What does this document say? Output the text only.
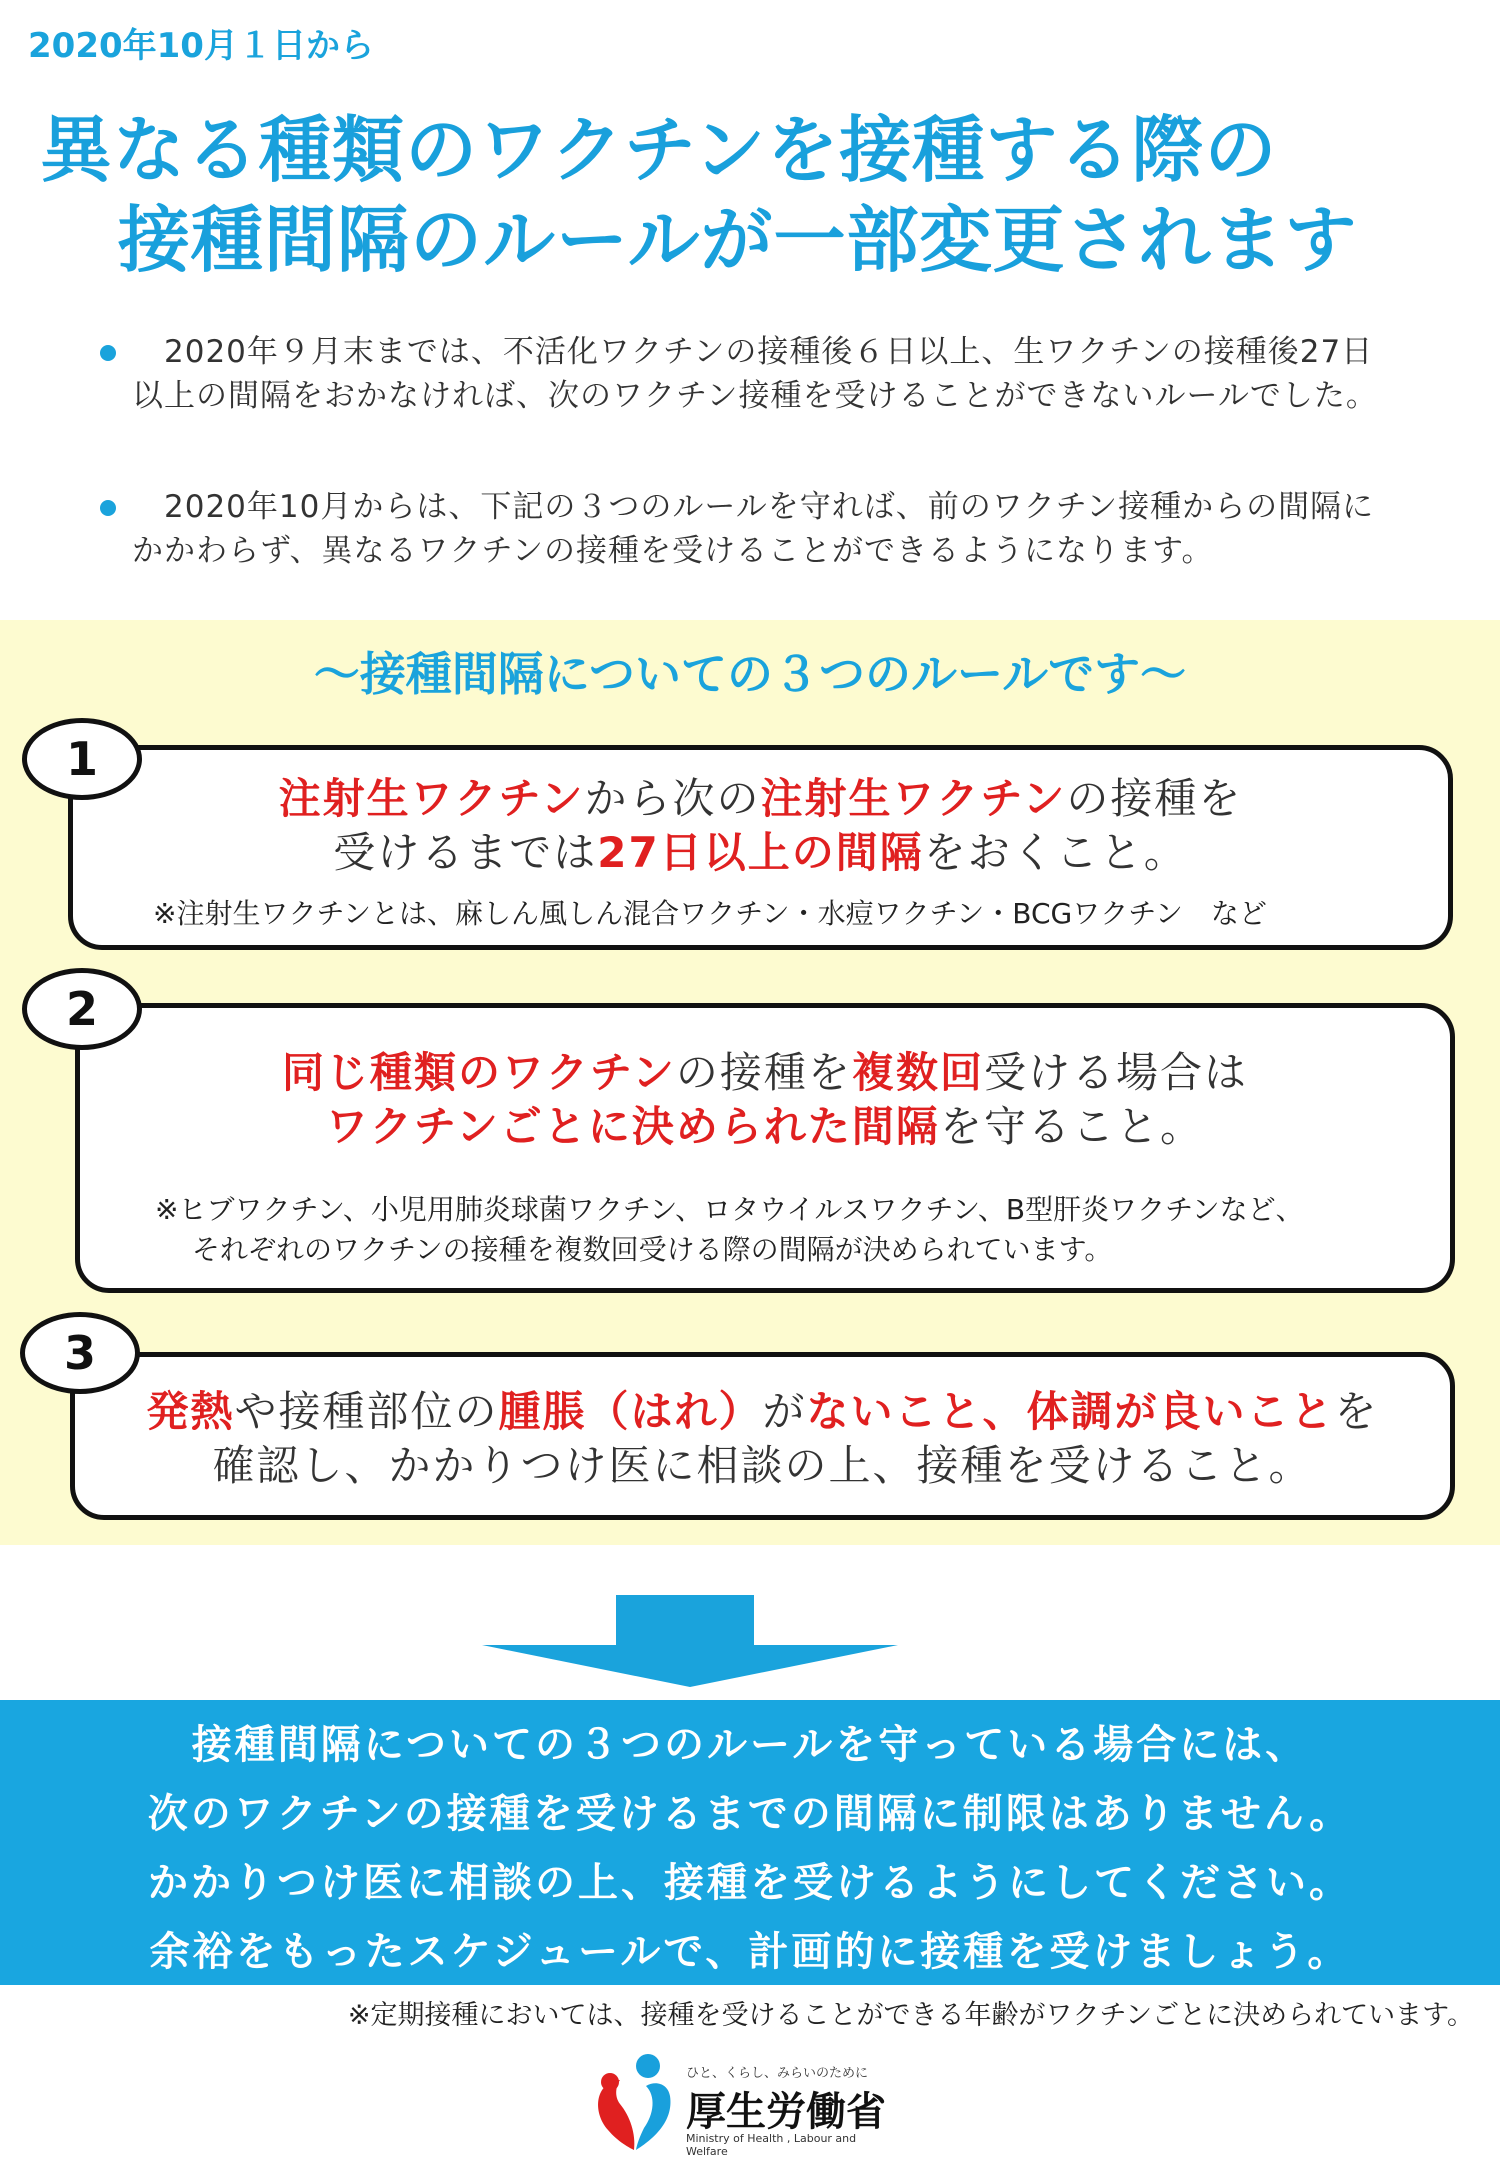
2020年10月１日から
異なる種類のワクチンを接種する際の
接種間隔のルールが一部変更されます
　2020年９月末までは、不活化ワクチンの接種後６日以上、生ワクチンの接種後27日
以上の間隔をおかなければ、次のワクチン接種を受けることができないルールでした。
　2020年10月からは、下記の３つのルールを守れば、前のワクチン接種からの間隔に
かかわらず、異なるワクチンの接種を受けることができるようになります。
～接種間隔についての３つのルールです～
注射生ワクチンから次の注射生ワクチンの接種を
受けるまでは27日以上の間隔をおくこと。
※注射生ワクチンとは、麻しん風しん混合ワクチン・水痘ワクチン・BCGワクチン　など
1
同じ種類のワクチンの接種を複数回受ける場合は
ワクチンごとに決められた間隔を守ること。
※ヒブワクチン、小児用肺炎球菌ワクチン、ロタウイルスワクチン、B型肝炎ワクチンなど、
それぞれのワクチンの接種を複数回受ける際の間隔が決められています。
2
発熱や接種部位の腫脹（はれ）がないこと、体調が良いことを
確認し、かかりつけ医に相談の上、接種を受けること。
3
接種間隔についての３つのルールを守っている場合には、
次のワクチンの接種を受けるまでの間隔に制限はありません。
かかりつけ医に相談の上、接種を受けるようにしてください。
余裕をもったスケジュールで、計画的に接種を受けましょう。
※定期接種においては、接種を受けることができる年齢がワクチンごとに決められています。
ひと、くらし、みらいのために
厚生労働省
Ministry of Health , Labour and Welfare
